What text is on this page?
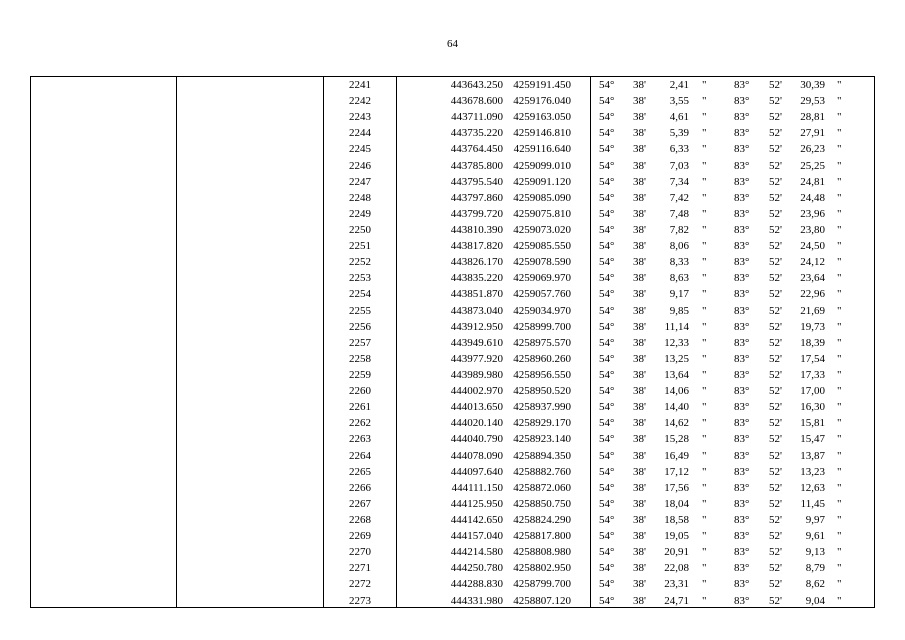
64
2241	443643.250 4259191.450	54° 38'	2,41 "	83° 52'	30,39 "
2242	443678.600 4259176.040	54° 38'	3,55 "	83° 52'	29,53 "
2243	443711.090 4259163.050	54° 38'	4,61 "	83° 52'	28,81 "
2244	443735.220 4259146.810	54° 38'	5,39 "	83° 52'	27,91 "
2245	443764.450 4259116.640	54° 38'	6,33 "	83° 52'	26,23 "
2246	443785.800 4259099.010	54° 38'	7,03 "	83° 52'	25,25 "
2247	443795.540 4259091.120	54° 38'	7,34 "	83° 52'	24,81 "
2248	443797.860 4259085.090	54° 38'	7,42 "	83° 52'	24,48 "
2249	443799.720 4259075.810	54° 38'	7,48 "	83° 52'	23,96 "
2250	443810.390 4259073.020	54° 38'	7,82 "	83° 52'	23,80 "
2251	443817.820 4259085.550	54° 38'	8,06 "	83° 52'	24,50 "
2252	443826.170 4259078.590	54° 38'	8,33 "	83° 52'	24,12 "
2253	443835.220 4259069.970	54° 38'	8,63 "	83° 52'	23,64 "
2254	443851.870 4259057.760	54° 38'	9,17 "	83° 52'	22,96 "
2255	443873.040 4259034.970	54° 38'	9,85 "	83° 52'	21,69 "
2256	443912.950 4258999.700	54° 38'	11,14 "	83° 52'	19,73 "
2257	443949.610 4258975.570	54° 38'	12,33 "	83° 52'	18,39 "
2258	443977.920 4258960.260	54° 38'	13,25 "	83° 52'	17,54 "
2259	443989.980 4258956.550	54° 38'	13,64 "	83° 52'	17,33 "
2260	444002.970 4258950.520	54° 38'	14,06 "	83° 52'	17,00 "
2261	444013.650 4258937.990	54° 38'	14,40 "	83° 52'	16,30 "
2262	444020.140 4258929.170	54° 38'	14,62 "	83° 52'	15,81 "
2263	444040.790 4258923.140	54° 38'	15,28 "	83° 52'	15,47 "
2264	444078.090 4258894.350	54° 38'	16,49 "	83° 52'	13,87 "
2265	444097.640 4258882.760	54° 38'	17,12 "	83° 52'	13,23 "
2266	444111.150 4258872.060	54° 38'	17,56 "	83° 52'	12,63 "
2267	444125.950 4258850.750	54° 38'	18,04 "	83° 52'	11,45 "
2268	444142.650 4258824.290	54° 38'	18,58 "	83° 52'	9,97 "
2269	444157.040 4258817.800	54° 38'	19,05 "	83° 52'	9,61 "
2270	444214.580 4258808.980	54° 38'	20,91 "	83° 52'	9,13 "
2271	444250.780 4258802.950	54° 38'	22,08 "	83° 52'	8,79 "
2272	444288.830 4258799.700	54° 38'	23,31 "	83° 52'	8,62 "
2273	444331.980 4258807.120	54° 38'	24,71 "	83° 52'	9,04 "
